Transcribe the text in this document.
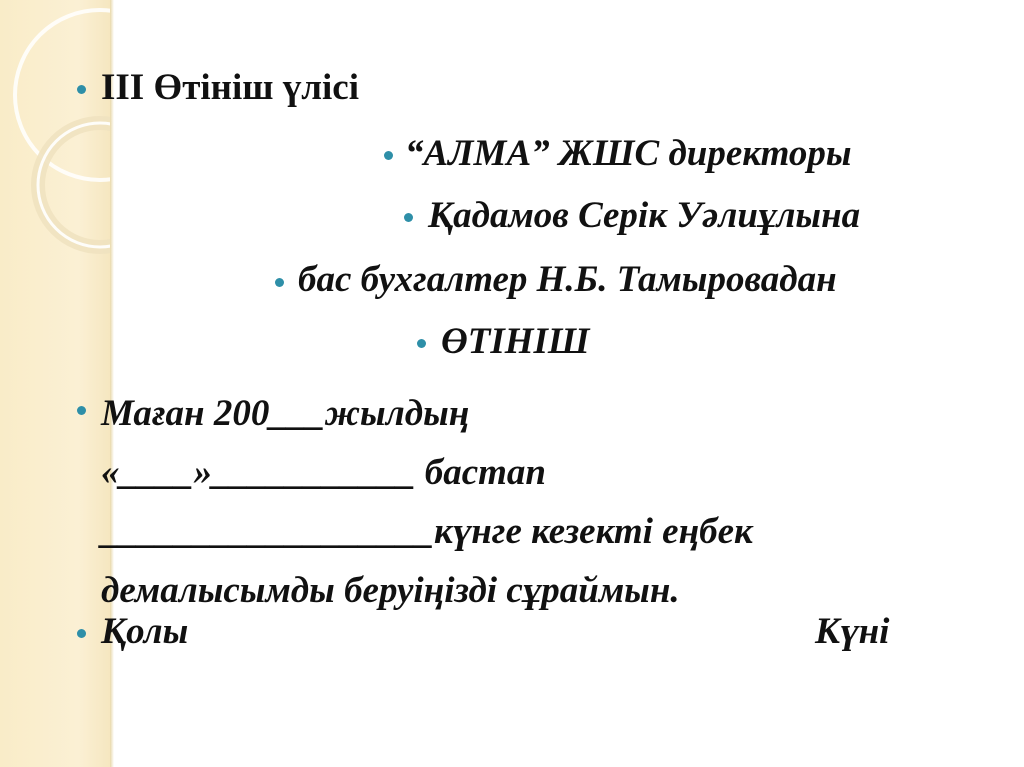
ІІІ Өтініш үлісі

“АЛМА” ЖШС директоры

Қадамов Серік Уәлиұлына

бас бухгалтер Н.Б. Тамыровадан

ӨТІНІШ

Маған 200___жылдың
«____»___________ бастап
__________________күнге кезекті еңбек
демалысымды беруіңізді сұраймын.

Қолы	Күні
